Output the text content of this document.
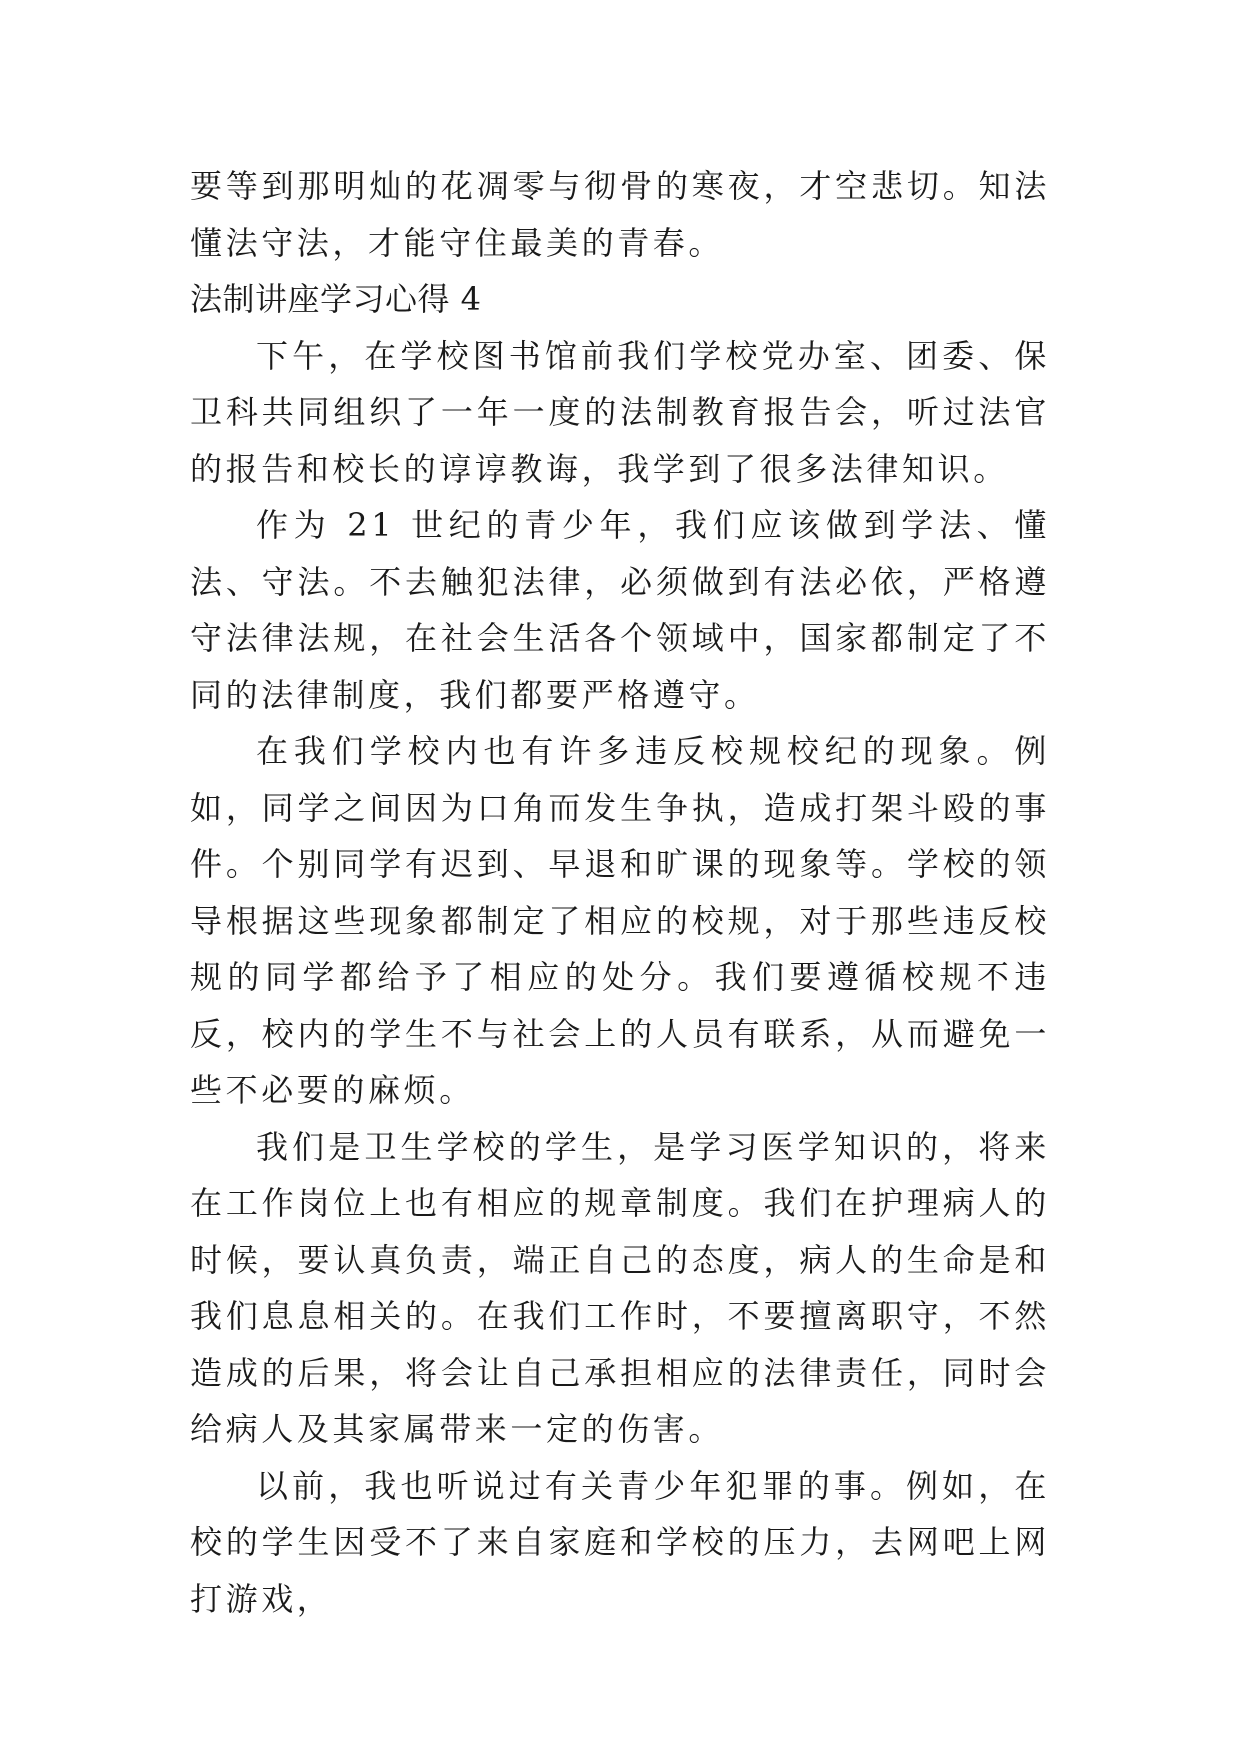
要等到那明灿的花凋零与彻骨的寒夜，才空悲切。知法懂法守法，才能守住最美的青春。

法制讲座学习心得 4

下午，在学校图书馆前我们学校党办室、团委、保卫科共同组织了一年一度的法制教育报告会，听过法官的报告和校长的谆谆教诲，我学到了很多法律知识。

作为 21 世纪的青少年，我们应该做到学法、懂法、守法。不去触犯法律，必须做到有法必依，严格遵守法律法规，在社会生活各个领域中，国家都制定了不同的法律制度，我们都要严格遵守。

在我们学校内也有许多违反校规校纪的现象。例如，同学之间因为口角而发生争执，造成打架斗殴的事件。个别同学有迟到、早退和旷课的现象等。学校的领导根据这些现象都制定了相应的校规，对于那些违反校规的同学都给予了相应的处分。我们要遵循校规不违反，校内的学生不与社会上的人员有联系，从而避免一些不必要的麻烦。

我们是卫生学校的学生，是学习医学知识的，将来在工作岗位上也有相应的规章制度。我们在护理病人的时候，要认真负责，端正自己的态度，病人的生命是和我们息息相关的。在我们工作时，不要擅离职守，不然造成的后果，将会让自己承担相应的法律责任，同时会给病人及其家属带来一定的伤害。

以前，我也听说过有关青少年犯罪的事。例如，在校的学生因受不了来自家庭和学校的压力，去网吧上网打游戏，
